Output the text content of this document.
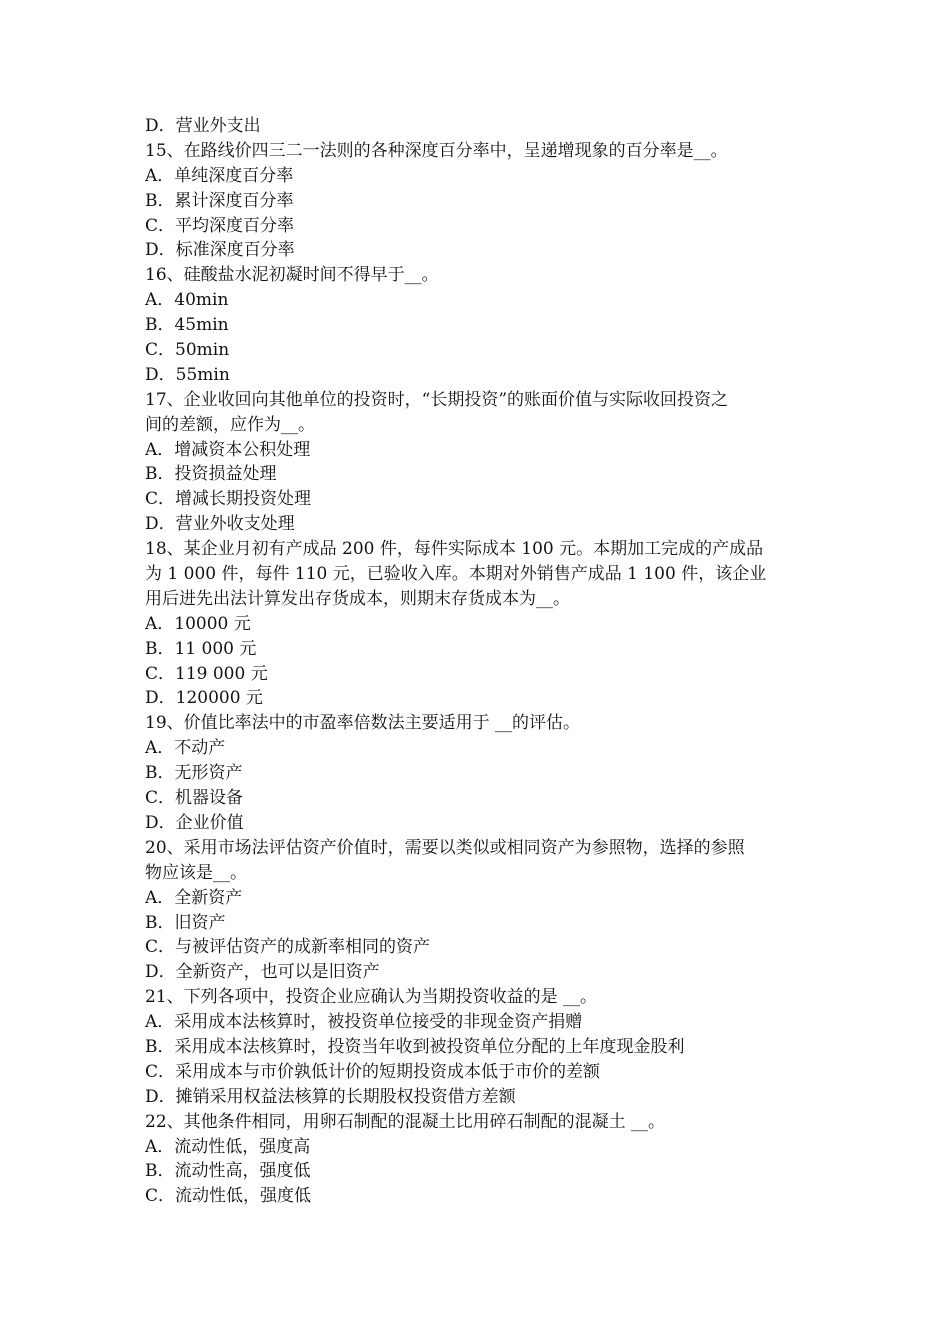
D．营业外支出
15、在路线价四三二一法则的各种深度百分率中，呈递增现象的百分率是__。
A．单纯深度百分率
B．累计深度百分率
C．平均深度百分率
D．标准深度百分率
16、硅酸盐水泥初凝时间不得早于__。
A．40min
B．45min
C．50min
D．55min
17、企业收回向其他单位的投资时，“长期投资”的账面价值与实际收回投资之
间的差额，应作为__。
A．增减资本公积处理
B．投资损益处理
C．增减长期投资处理
D．营业外收支处理
18、某企业月初有产成品 200 件，每件实际成本 100 元。本期加工完成的产成品
为 1 000 件，每件 110 元，已验收入库。本期对外销售产成品 1 100 件，该企业
用后进先出法计算发出存货成本，则期末存货成本为__。
A．10000 元
B．11 000 元
C．119 000 元
D．120000 元
19、价值比率法中的市盈率倍数法主要适用于 __的评估。
A．不动产
B．无形资产
C．机器设备
D．企业价值
20、采用市场法评估资产价值时，需要以类似或相同资产为参照物，选择的参照
物应该是__。
A．全新资产
B．旧资产
C．与被评估资产的成新率相同的资产
D．全新资产，也可以是旧资产
21、下列各项中，投资企业应确认为当期投资收益的是 __。
A．采用成本法核算时，被投资单位接受的非现金资产捐赠
B．采用成本法核算时，投资当年收到被投资单位分配的上年度现金股利
C．采用成本与市价孰低计价的短期投资成本低于市价的差额
D．摊销采用权益法核算的长期股权投资借方差额
22、其他条件相同，用卵石制配的混凝土比用碎石制配的混凝土 __。
A．流动性低，强度高
B．流动性高，强度低
C．流动性低，强度低
